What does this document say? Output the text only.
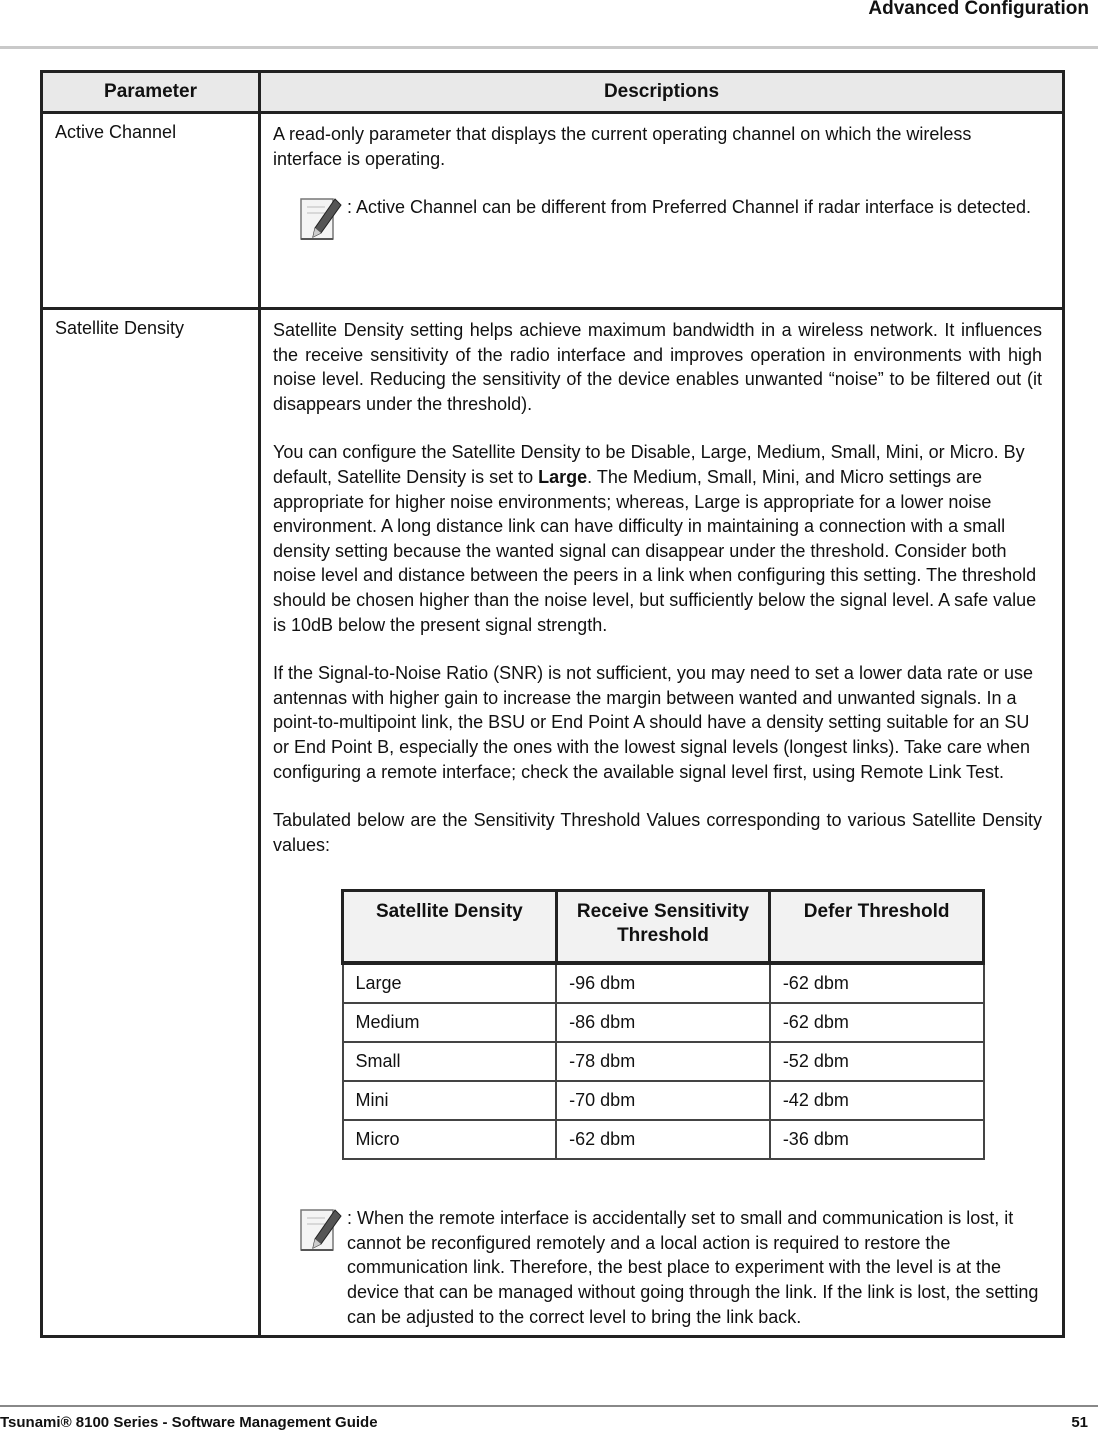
Advanced Configuration
Parameter	Descriptions
Active Channel	A read-only parameter that displays the current operating channel on which the wireless interface is operating.

: Active Channel can be different from Preferred Channel if radar interface is detected.

Satellite Density	Satellite Density setting helps achieve maximum bandwidth in a wireless network. It influences the receive sensitivity of the radio interface and improves operation in environments with high noise level. Reducing the sensitivity of the device enables unwanted “noise” to be filtered out (it disappears under the threshold).

You can configure the Satellite Density to be Disable, Large, Medium, Small, Mini, or Micro. By default, Satellite Density is set to Large. The Medium, Small, Mini, and Micro settings are appropriate for higher noise environments; whereas, Large is appropriate for a lower noise environment. A long distance link can have difficulty in maintaining a connection with a small density setting because the wanted signal can disappear under the threshold. Consider both noise level and distance between the peers in a link when configuring this setting. The threshold should be chosen higher than the noise level, but sufficiently below the signal level. A safe value is 10dB below the present signal strength.

If the Signal-to-Noise Ratio (SNR) is not sufficient, you may need to set a lower data rate or use antennas with higher gain to increase the margin between wanted and unwanted signals. In a point-to-multipoint link, the BSU or End Point A should have a density setting suitable for an SU or End Point B, especially the ones with the lowest signal levels (longest links). Take care when configuring a remote interface; check the available signal level first, using Remote Link Test.

Tabulated below are the Sensitivity Threshold Values corresponding to various Satellite Density values:

Satellite Density	Receive Sensitivity Threshold	Defer Threshold
Large	-96 dbm	-62 dbm
Medium	-86 dbm	-62 dbm
Small	-78 dbm	-52 dbm
Mini	-70 dbm	-42 dbm
Micro	-62 dbm	-36 dbm

: When the remote interface is accidentally set to small and communication is lost, it cannot be reconfigured remotely and a local action is required to restore the communication link. Therefore, the best place to experiment with the level is at the device that can be managed without going through the link. If the link is lost, the setting can be adjusted to the correct level to bring the link back.

Tsunami® 8100 Series - Software Management Guide	51
